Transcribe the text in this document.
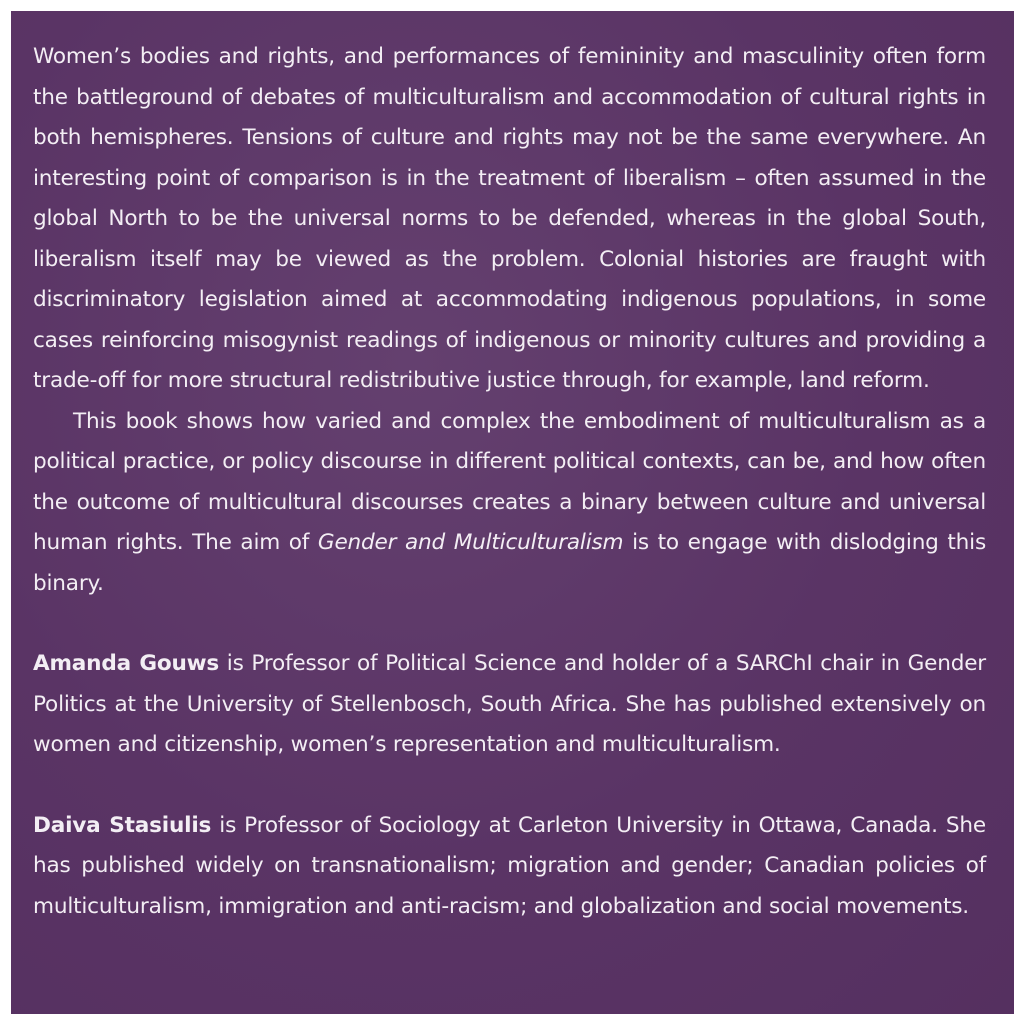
Women’s bodies and rights, and performances of femininity and masculinity often form the battleground of debates of multiculturalism and accommodation of cultural rights in both hemispheres. Tensions of culture and rights may not be the same everywhere. An interesting point of comparison is in the treatment of liberalism – often assumed in the global North to be the universal norms to be defended, whereas in the global South, liberalism itself may be viewed as the problem. Colonial histories are fraught with discriminatory legislation aimed at accommodating indigenous populations, in some cases reinforcing misogynist readings of indigenous or minority cultures and providing a trade-off for more structural redistributive justice through, for example, land reform.

This book shows how varied and complex the embodiment of multiculturalism as a political practice, or policy discourse in different political contexts, can be, and how often the outcome of multicultural discourses creates a binary between culture and universal human rights. The aim of Gender and Multiculturalism is to engage with dislodging this binary.

Amanda Gouws is Professor of Political Science and holder of a SARChI chair in Gender Politics at the University of Stellenbosch, South Africa. She has published extensively on women and citizenship, women’s representation and multiculturalism.

Daiva Stasiulis is Professor of Sociology at Carleton University in Ottawa, Canada. She has published widely on transnationalism; migration and gender; Canadian policies of multiculturalism, immigration and anti-racism; and globalization and social movements.
